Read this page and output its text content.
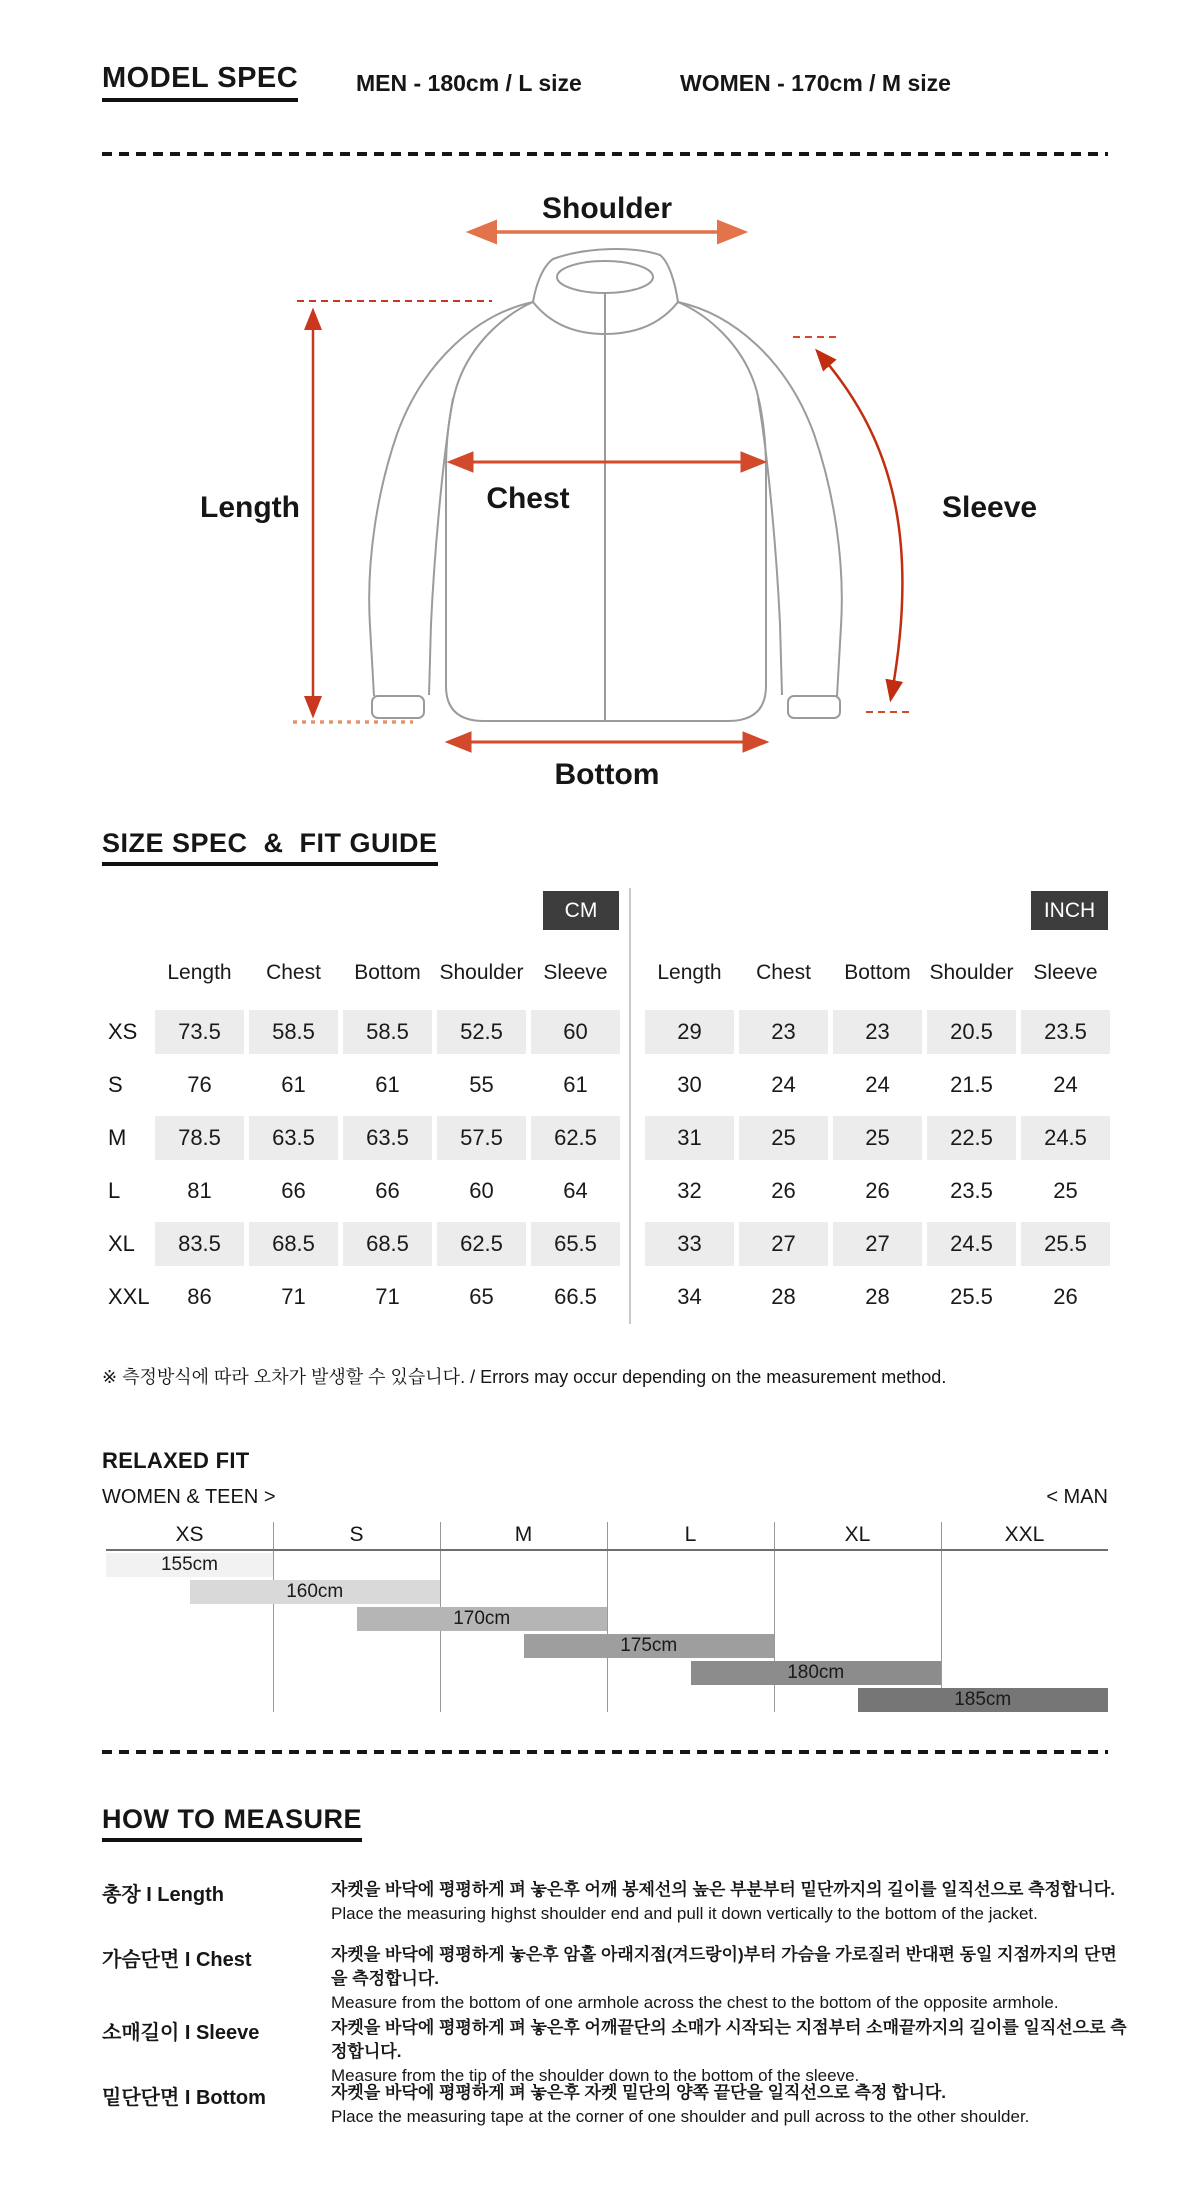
MODEL SPEC	MEN - 180cm / L size	WOMEN - 170cm / M size
Shoulder
Length	Chest	Sleeve
Bottom
SIZE SPEC  &  FIT GUIDE
CM	INCH
Length	Chest	Bottom Shoulder Sleeve
XS	73.5	58.5	58.5	52.5	60
S	76	61	61	55	61
M	78.5	63.5	63.5	57.5	62.5
L	81	66	66	60	64
XL	83.5	68.5	68.5	62.5	65.5
XXL	86	71	71	65	66.5
Length	Chest	Bottom Shoulder Sleeve
29	23	23	20.5	23.5
30	24	24	21.5	24
31	25	25	22.5	24.5
32	26	26	23.5	25
33	27	27	24.5	25.5
34	28	28	25.5	26
※ 측정방식에 따라 오차가 발생할 수 있습니다. / Errors may occur depending on the measurement method.
RELAXED FIT
WOMEN & TEEN >	< MAN
XS	S	M	L	XL	XXL
155cm
160cm
170cm
175cm
180cm
185cm
HOW TO MEASURE
총장 I Length	자켓을 바닥에 평평하게 펴 놓은후 어깨 봉제선의 높은 부분부터 밑단까지의 길이를 일직선으로 측정합니다.
Place the measuring highst shoulder end and pull it down vertically to the bottom of the jacket.
가슴단면 I Chest	자켓을 바닥에 평평하게 놓은후 암홀 아래지점(겨드랑이)부터 가슴을 가로질러 반대편 동일 지점까지의 단면을 측정합니다.
Measure from the bottom of one armhole across the chest to the bottom of the opposite armhole.
소매길이 I Sleeve	자켓을 바닥에 평평하게 펴 놓은후 어깨끝단의 소매가 시작되는 지점부터 소매끝까지의 길이를 일직선으로 측정합니다.
Measure from the tip of the shoulder down to the bottom of the sleeve.
밑단단면 I Bottom	자켓을 바닥에 평평하게 펴 놓은후 자켓 밑단의 양쪽 끝단을 일직선으로 측정 합니다.
Place the measuring tape at the corner of one shoulder and pull across to the other shoulder.
